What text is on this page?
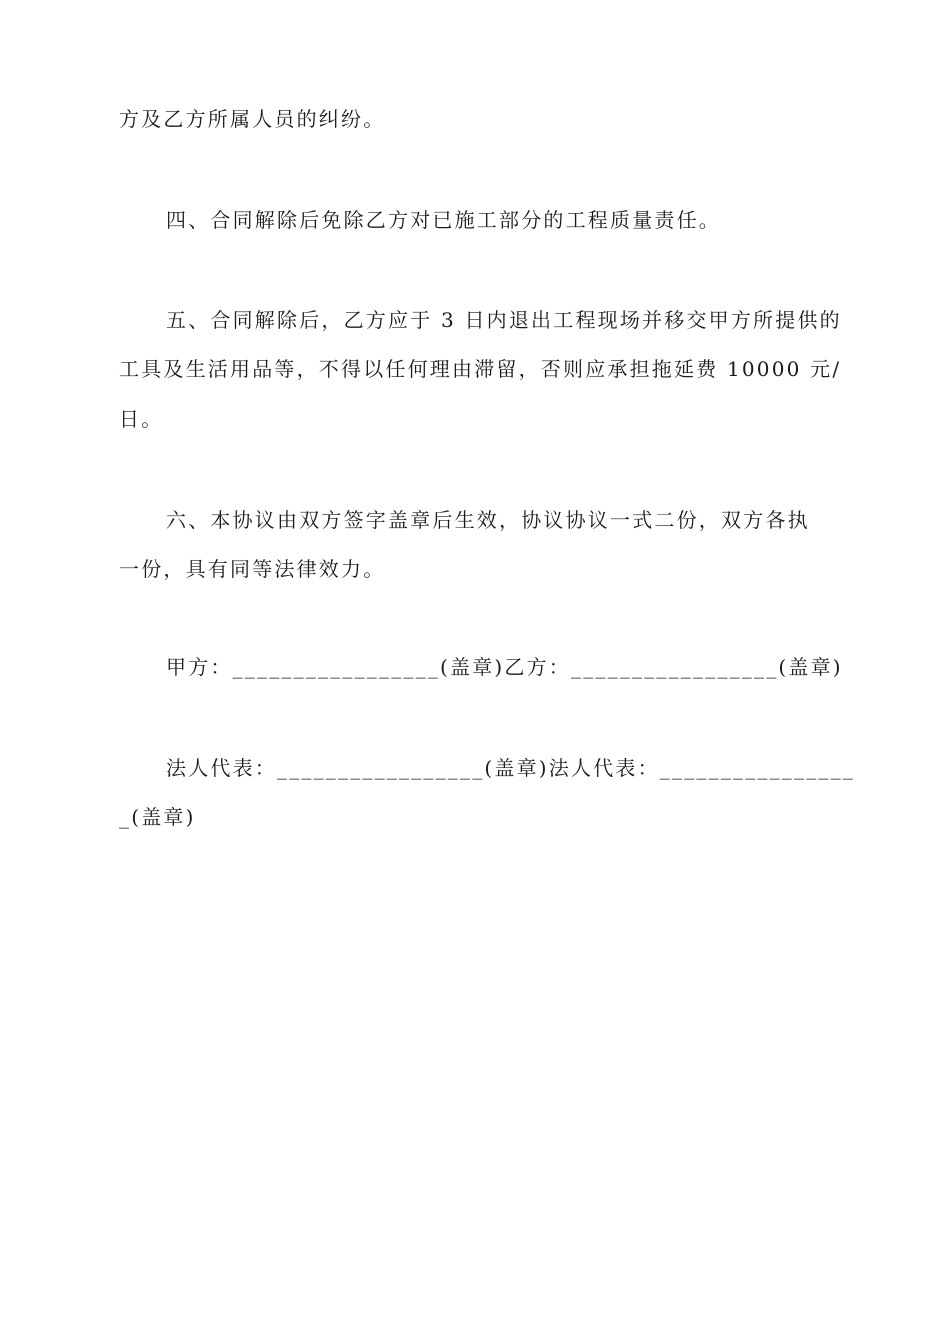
方及乙方所属人员的纠纷。
四、合同解除后免除乙方对已施工部分的工程质量责任。
五、合同解除后，乙方应于 3 日内退出工程现场并移交甲方所提供的
工具及生活用品等，不得以任何理由滞留，否则应承担拖延费 10000 元/
日。
六、本协议由双方签字盖章后生效，协议协议一式二份，双方各执
一份，具有同等法律效力。
甲方：_________________(盖章)乙方：_________________(盖章)
法人代表：_________________(盖章)法人代表：________________
_(盖章)
